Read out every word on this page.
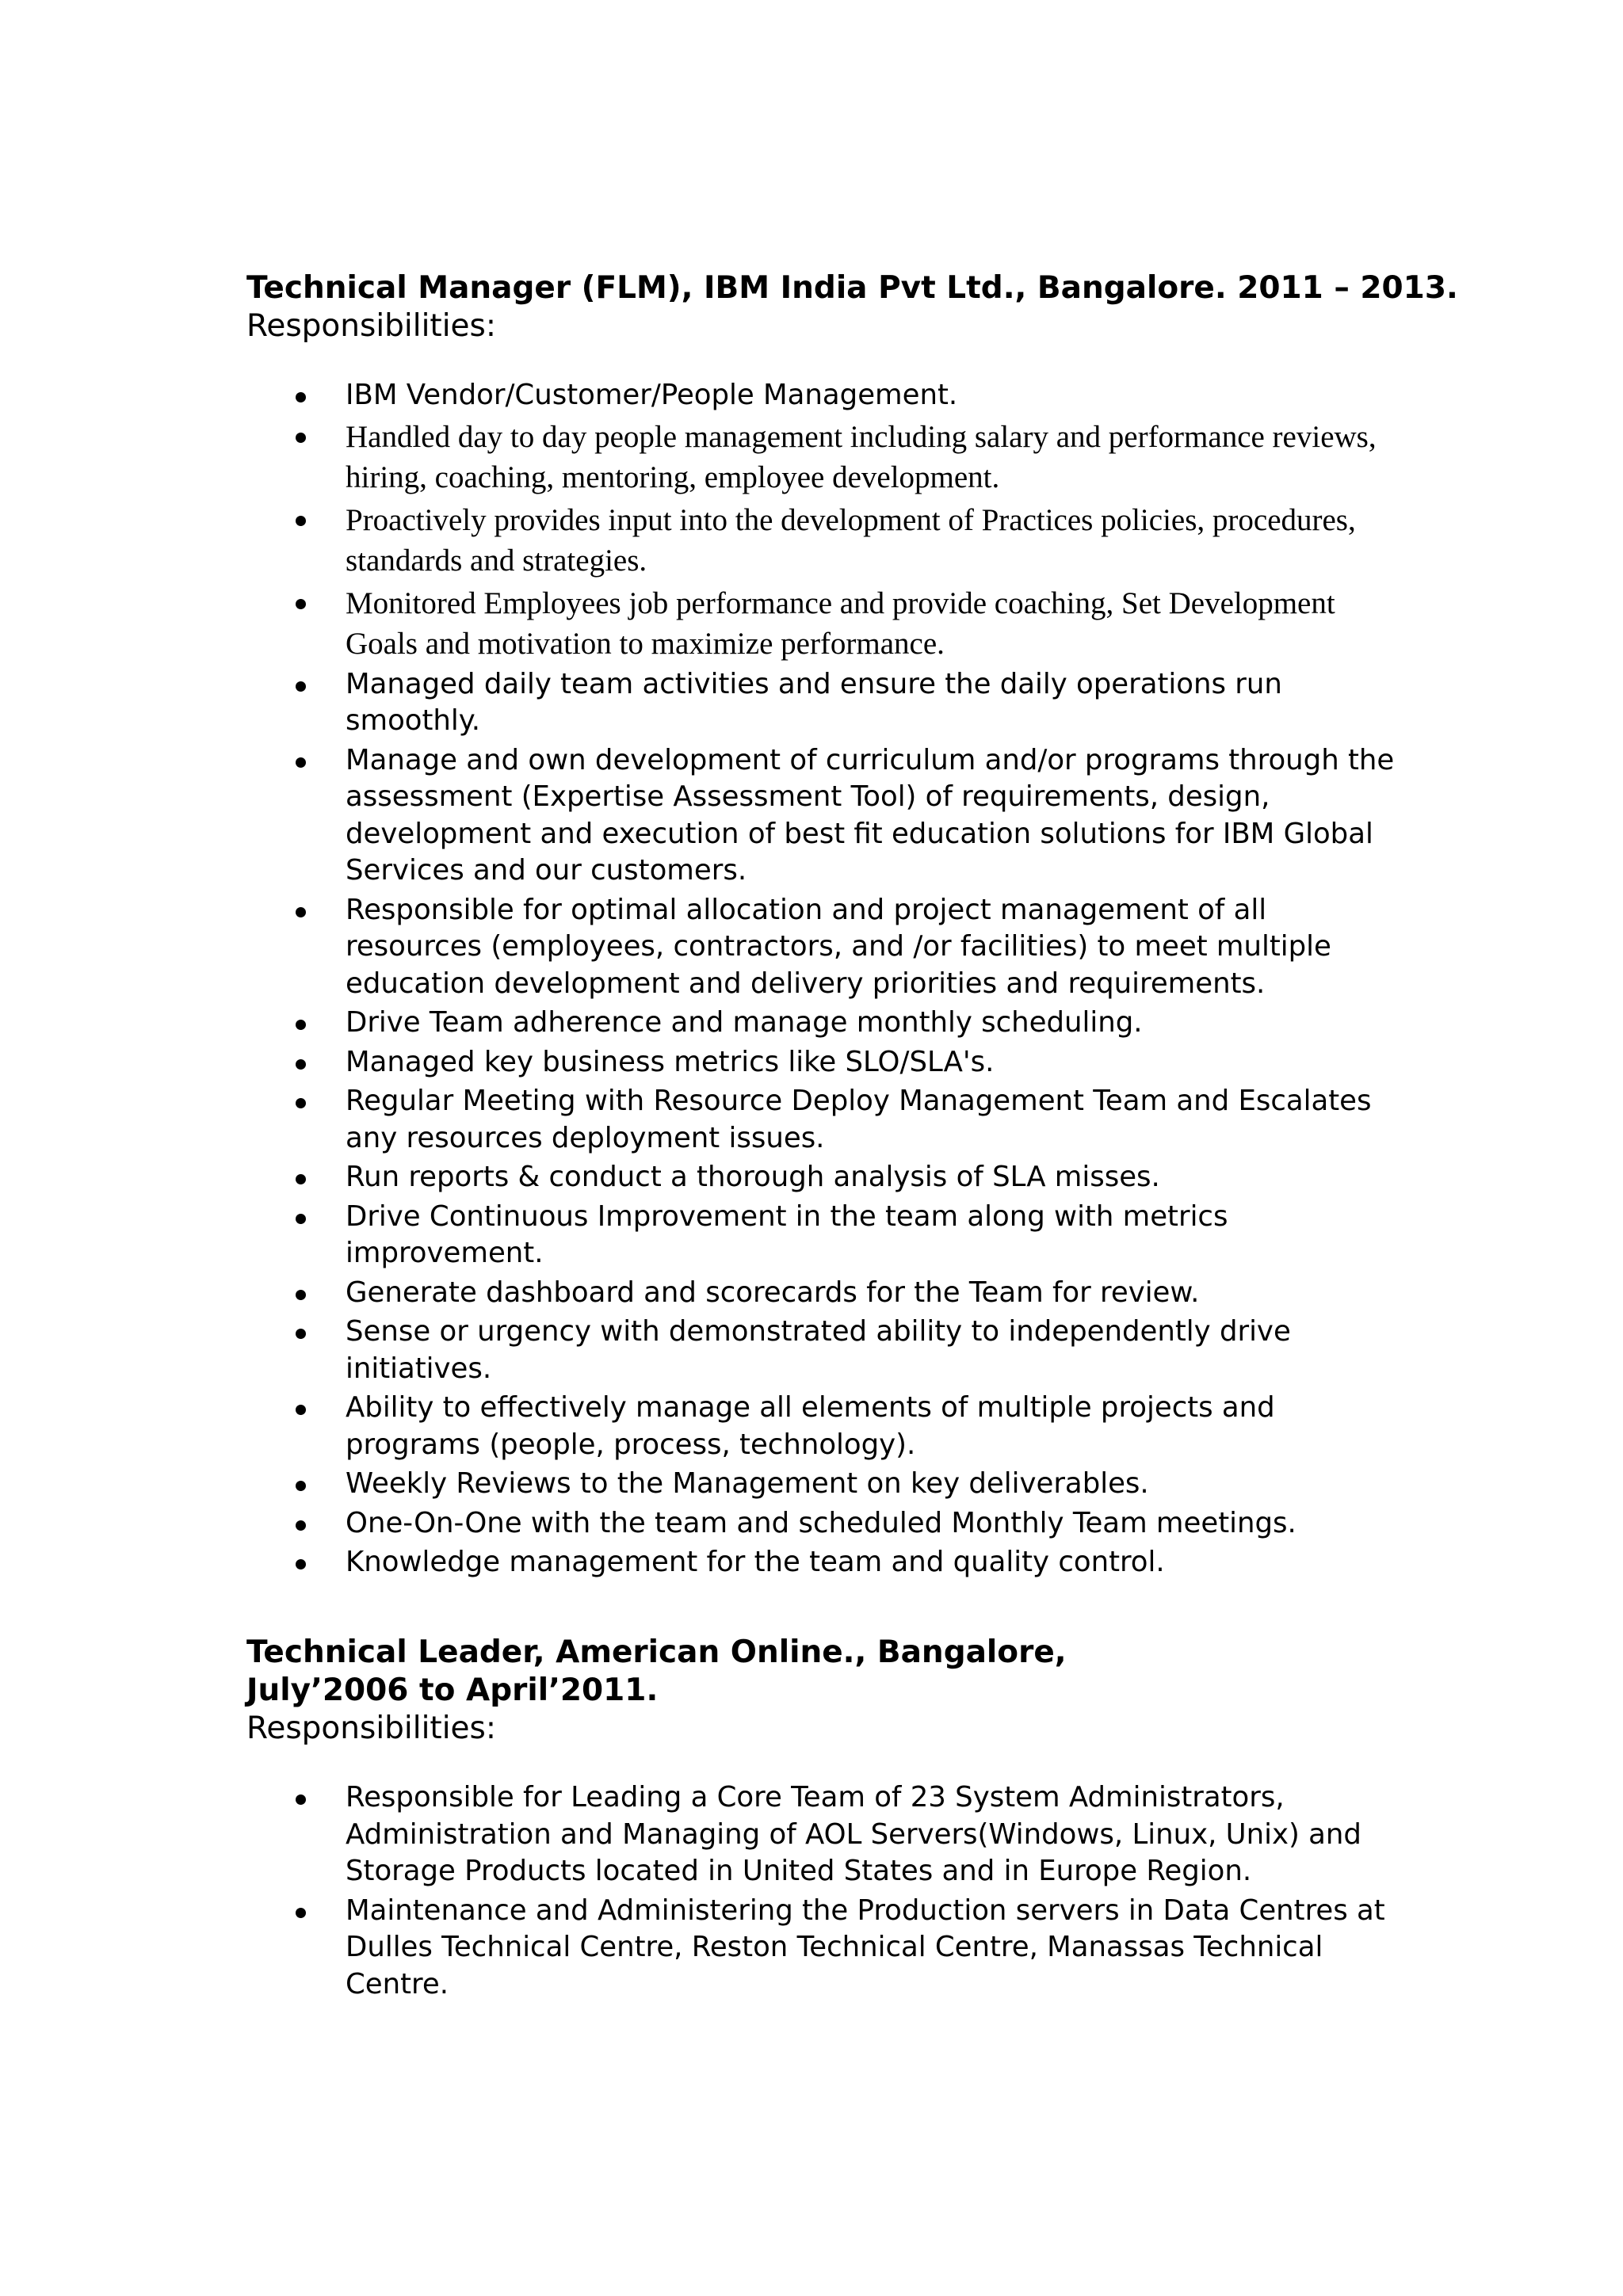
Technical Manager (FLM), IBM India Pvt Ltd., Bangalore. 2011 – 2013.
Responsibilities:
IBM Vendor/Customer/People Management.
Handled day to day people management including salary and performance reviews, hiring, coaching, mentoring, employee development.
Proactively provides input into the development of Practices policies, procedures, standards and strategies.
Monitored Employees job performance and provide coaching, Set Development Goals and motivation to maximize performance.
Managed daily team activities and ensure the daily operations run smoothly.
Manage and own development of curriculum and/or programs through the assessment (Expertise Assessment Tool) of requirements, design, development and execution of best fit education solutions for IBM Global Services and our customers.
Responsible for optimal allocation and project management of all resources (employees, contractors, and /or facilities) to meet multiple education development and delivery priorities and requirements.
Drive Team adherence and manage monthly scheduling.
Managed key business metrics like SLO/SLA's.
Regular Meeting with Resource Deploy Management Team and Escalates any resources deployment issues.
Run reports & conduct a thorough analysis of SLA misses.
Drive Continuous Improvement in the team along with metrics improvement.
Generate dashboard and scorecards for the Team for review.
Sense or urgency with demonstrated ability to independently drive initiatives.
Ability to effectively manage all elements of multiple projects and programs (people, process, technology).
Weekly Reviews to the Management on key deliverables.
One-On-One with the team and scheduled Monthly Team meetings.
Knowledge management for the team and quality control.
Technical Leader, American Online., Bangalore,
July’2006 to April’2011.
Responsibilities:
Responsible for Leading a Core Team of 23 System Administrators, Administration and Managing of AOL Servers(Windows, Linux, Unix) and Storage Products located in United States and in Europe Region.
Maintenance and Administering the Production servers in Data Centres at Dulles Technical Centre, Reston Technical Centre, Manassas Technical Centre.
